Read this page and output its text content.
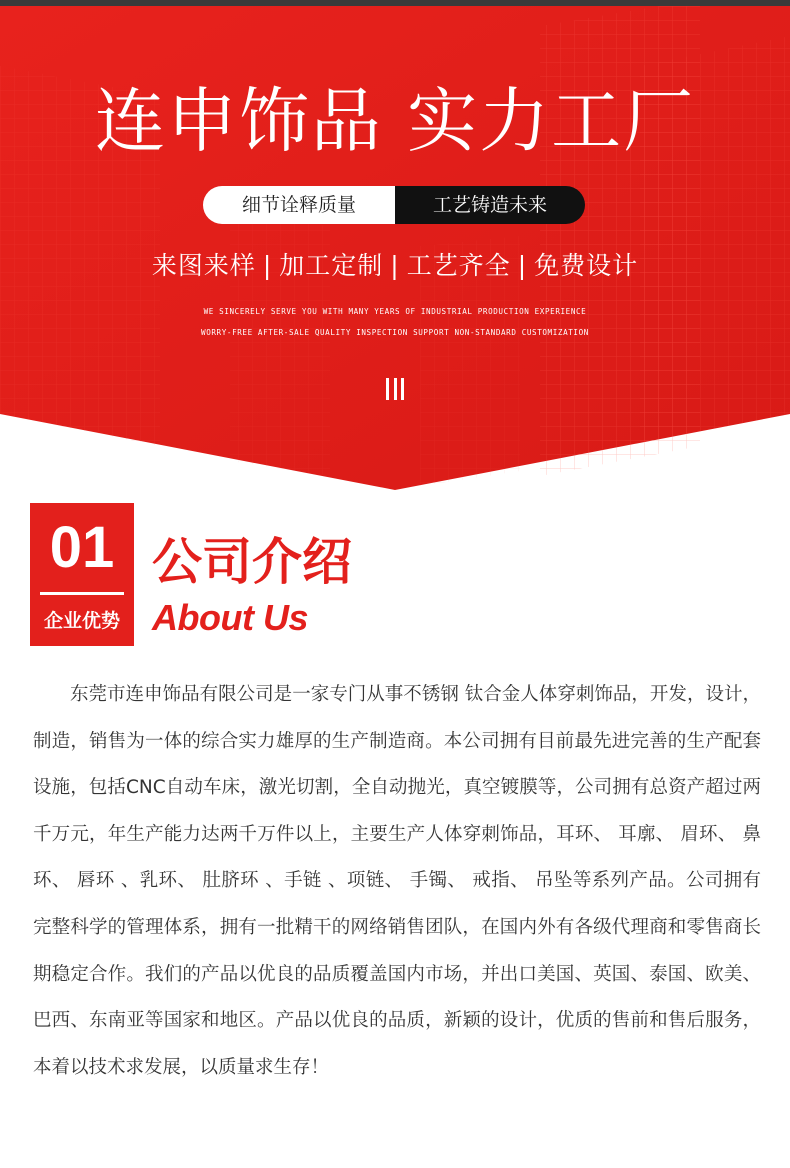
连申饰品 实力工厂
细节诠释质量	工艺铸造未来
来图来样 | 加工定制 | 工艺齐全 | 免费设计
WE SINCERELY SERVE YOU WITH MANY YEARS OF INDUSTRIAL PRODUCTION EXPERIENCE
WORRY-FREE AFTER-SALE QUALITY INSPECTION SUPPORT NON-STANDARD CUSTOMIZATION
01
企业优势
公司介绍
About Us

东莞市连申饰品有限公司是一家专门从事不锈钢 钛合金人体穿刺饰品，开发，设计，制造，销售为一体的综合实力雄厚的生产制造商。本公司拥有目前最先进完善的生产配套设施，包括CNC自动车床，激光切割，全自动抛光，真空镀膜等，公司拥有总资产超过两千万元，年生产能力达两千万件以上，主要生产人体穿刺饰品，耳环、 耳廓、 眉环、 鼻环、 唇环 、乳环、 肚脐环 、手链 、项链、 手镯、 戒指、 吊坠等系列产品。公司拥有完整科学的管理体系，拥有一批精干的网络销售团队，在国内外有各级代理商和零售商长期稳定合作。我们的产品以优良的品质覆盖国内市场，并出口美国、英国、泰国、欧美、巴西、东南亚等国家和地区。产品以优良的品质，新颖的设计，优质的售前和售后服务，本着以技术求发展，以质量求生存！
